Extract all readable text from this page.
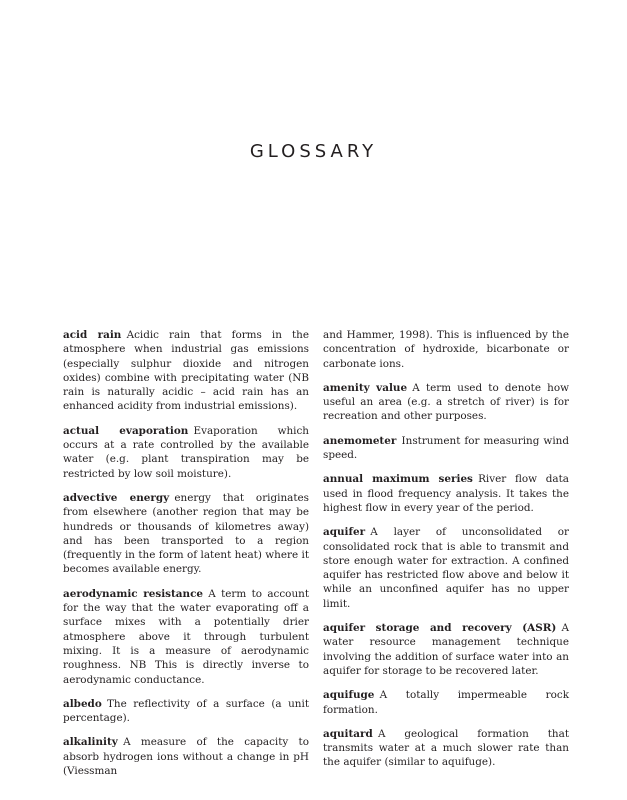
GLOSSARY

acid rain  Acidic rain that forms in the atmosphere when industrial gas emissions (especially sulphur dioxide and nitrogen oxides) combine with precipitating water (NB rain is naturally acidic – acid rain has an enhanced acidity from industrial emissions).

actual evaporation  Evaporation which occurs at a rate controlled by the available water (e.g. plant transpiration may be restricted by low soil moisture).

advective energy  energy that originates from elsewhere (another region that may be hundreds or thousands of kilometres away) and has been transported to a region (frequently in the form of latent heat) where it becomes available energy.

aerodynamic resistance  A term to account for the way that the water evaporating off a surface mixes with a potentially drier atmosphere above it through turbulent mixing. It is a measure of aerodynamic roughness. NB This is directly inverse to aerodynamic conductance.

albedo  The reflectivity of a surface (a unit percentage).

alkalinity  A measure of the capacity to absorb hydrogen ions without a change in pH (Viessman

and Hammer, 1998). This is influenced by the concentration of hydroxide, bicarbonate or carbonate ions.

amenity value  A term used to denote how useful an area (e.g. a stretch of river) is for recreation and other purposes.

anemometer  Instrument for measuring wind speed.

annual maximum series  River flow data used in flood frequency analysis. It takes the highest flow in every year of the period.

aquifer  A layer of unconsolidated or consolidated rock that is able to transmit and store enough water for extraction. A confined aquifer has restricted flow above and below it while an unconfined aquifer has no upper limit.

aquifer storage and recovery (ASR)  A water resource management technique involving the addition of surface water into an aquifer for storage to be recovered later.

aquifuge  A totally impermeable rock formation.

aquitard  A geological formation that transmits water at a much slower rate than the aquifer (similar to aquifuge).
